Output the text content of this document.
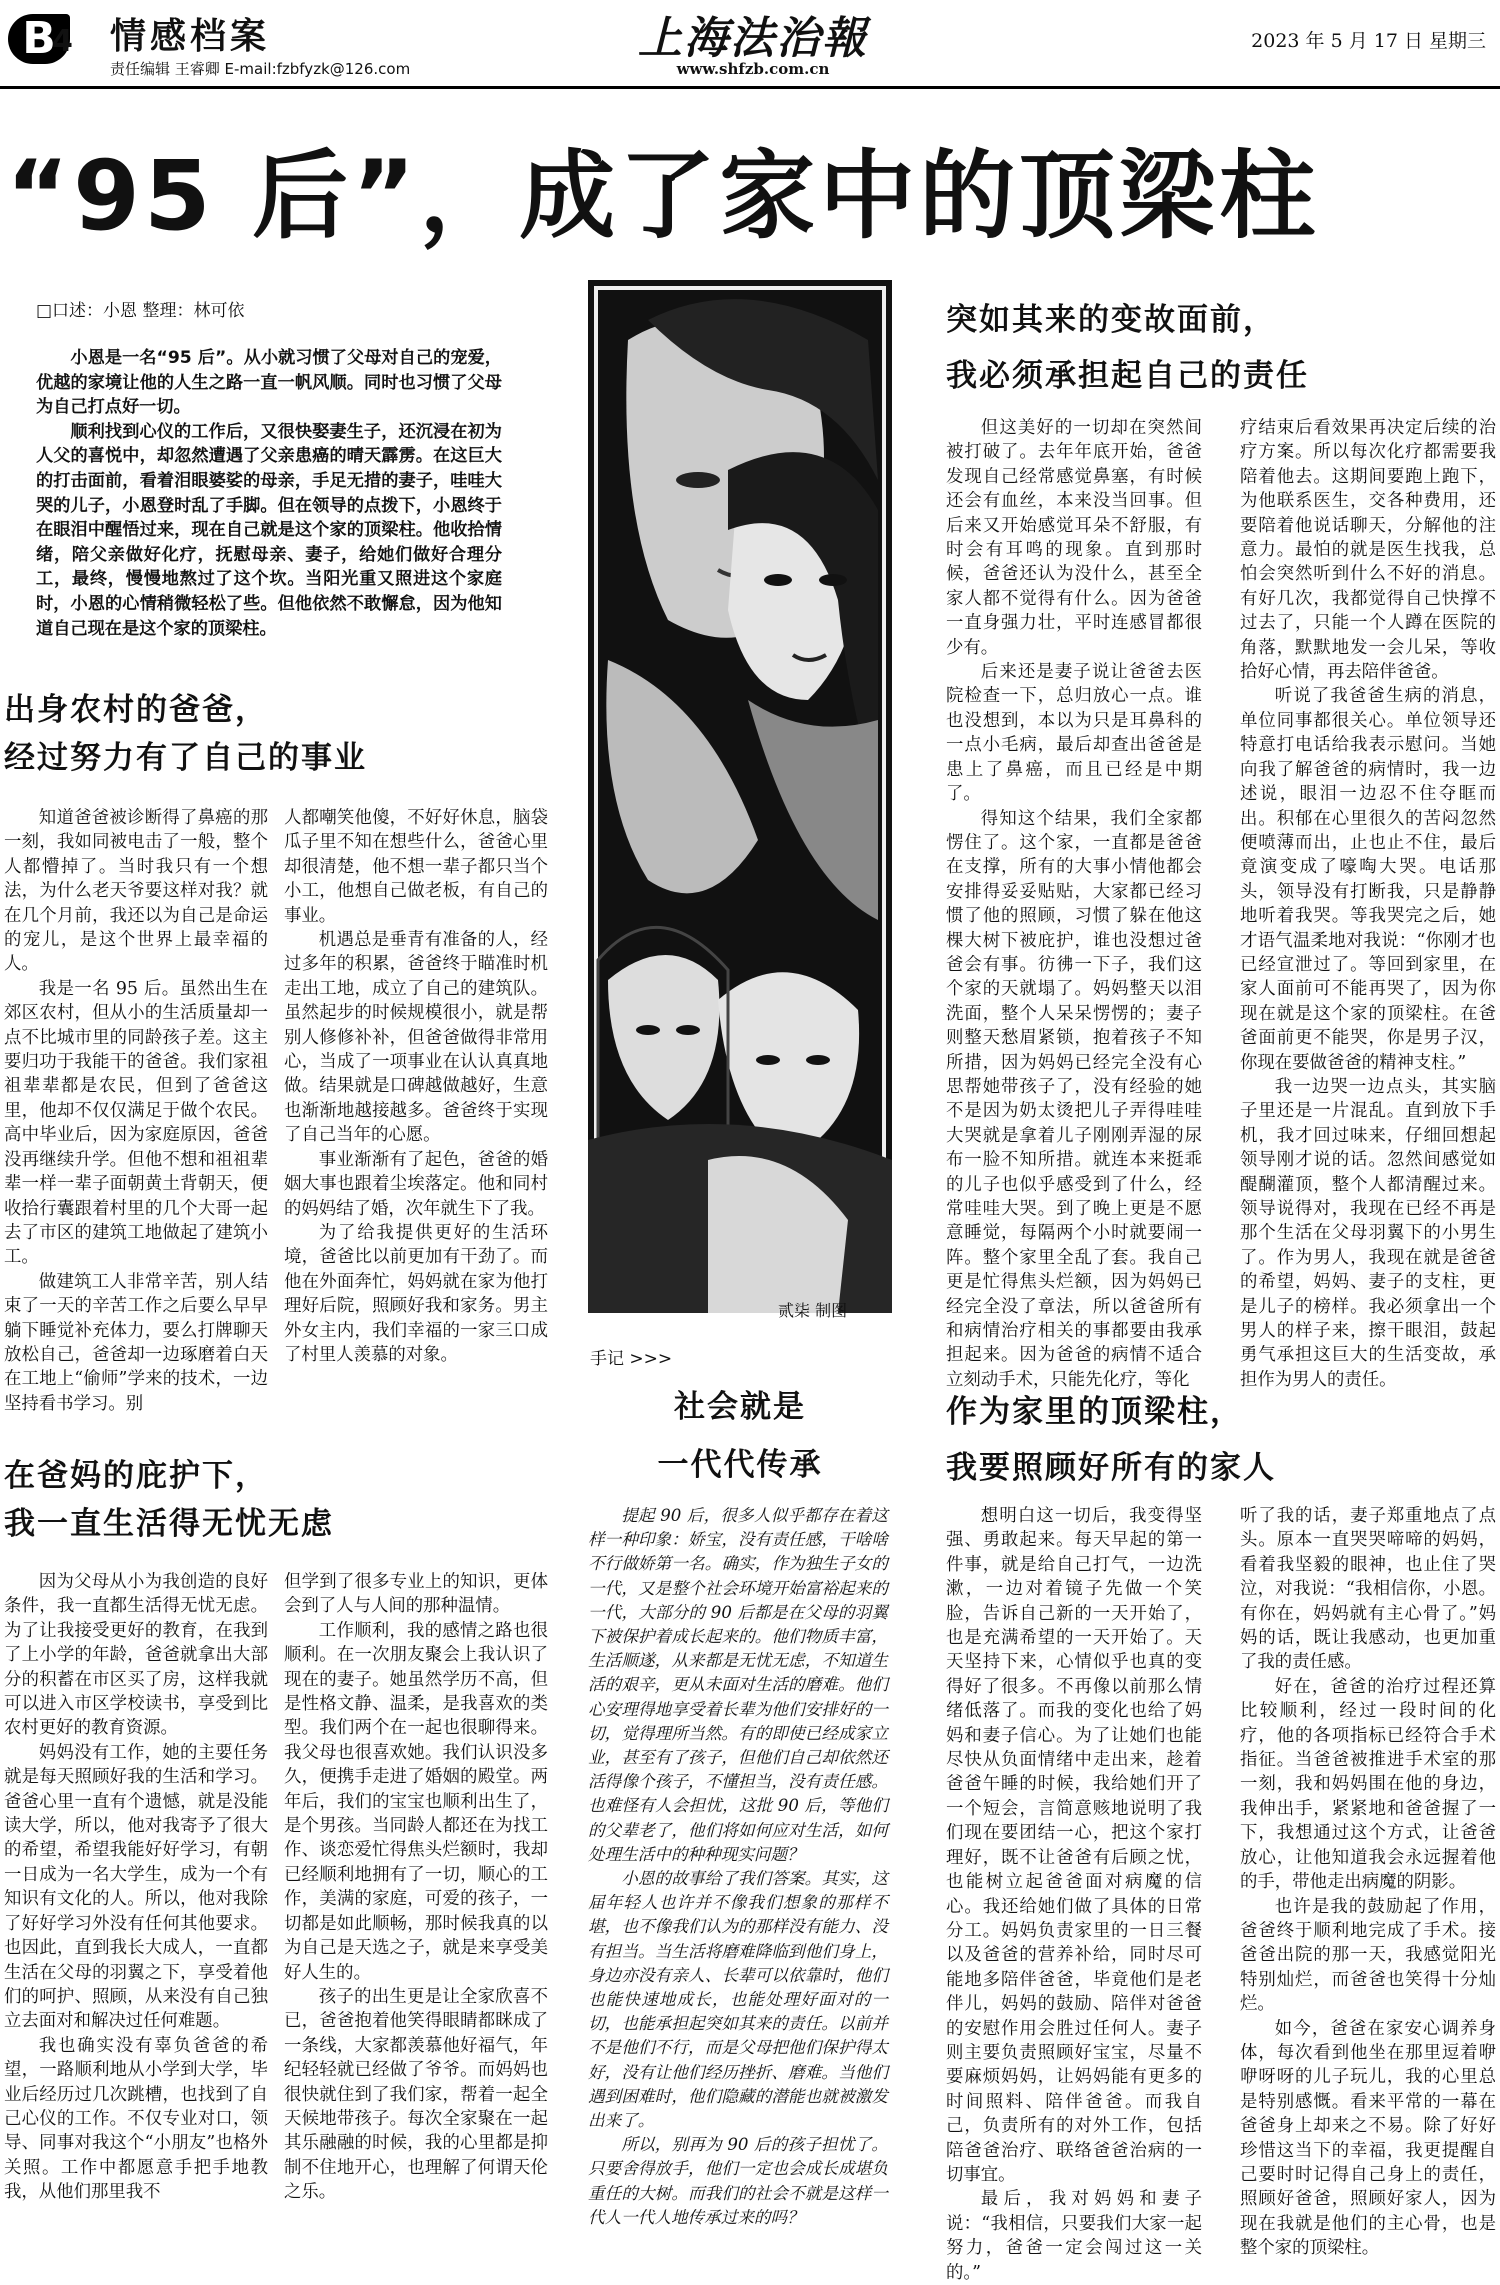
B
4 情感档案
责任编辑 王睿卿 E-mail:fzbfyzk@126.com
上海法治報
www.shfzb.com.cn
2023 年 5 月 17 日 星期三
“95 后”，成了家中的顶梁柱
□口述：小恩 整理：林可依

小恩是一名“95 后”。从小就习惯了父母对自己的宠爱，优越的家境让他的人生之路一直一帆风顺。同时也习惯了父母为自己打点好一切。

顺利找到心仪的工作后，又很快娶妻生子，还沉浸在初为人父的喜悦中，却忽然遭遇了父亲患癌的晴天霹雳。在这巨大的打击面前，看着泪眼婆娑的母亲，手足无措的妻子，哇哇大哭的儿子，小恩登时乱了手脚。但在领导的点拨下，小恩终于在眼泪中醒悟过来，现在自己就是这个家的顶梁柱。他收拾情绪，陪父亲做好化疗，抚慰母亲、妻子，给她们做好合理分工，最终，慢慢地熬过了这个坎。当阳光重又照进这个家庭时，小恩的心情稍微轻松了些。但他依然不敢懈怠，因为他知道自己现在是这个家的顶梁柱。

出身农村的爸爸，
经过努力有了自己的事业

知道爸爸被诊断得了鼻癌的那一刻，我如同被电击了一般，整个人都懵掉了。当时我只有一个想法，为什么老天爷要这样对我？就在几个月前，我还以为自己是命运的宠儿，是这个世界上最幸福的人。

我是一名 95 后。虽然出生在郊区农村，但从小的生活质量却一点不比城市里的同龄孩子差。这主要归功于我能干的爸爸。我们家祖祖辈辈都是农民，但到了爸爸这里，他却不仅仅满足于做个农民。高中毕业后，因为家庭原因，爸爸没再继续升学。但他不想和祖祖辈辈一样一辈子面朝黄土背朝天，便收拾行囊跟着村里的几个大哥一起去了市区的建筑工地做起了建筑小工。

做建筑工人非常辛苦，别人结束了一天的辛苦工作之后要么早早躺下睡觉补充体力，要么打牌聊天放松自己，爸爸却一边琢磨着白天在工地上“偷师”学来的技术，一边坚持看书学习。别

人都嘲笑他傻，不好好休息，脑袋瓜子里不知在想些什么，爸爸心里却很清楚，他不想一辈子都只当个小工，他想自己做老板，有自己的事业。

机遇总是垂青有准备的人，经过多年的积累，爸爸终于瞄准时机走出工地，成立了自己的建筑队。虽然起步的时候规模很小，就是帮别人修修补补，但爸爸做得非常用心，当成了一项事业在认认真真地做。结果就是口碑越做越好，生意也渐渐地越接越多。爸爸终于实现了自己当年的心愿。

事业渐渐有了起色，爸爸的婚姻大事也跟着尘埃落定。他和同村的妈妈结了婚，次年就生下了我。

为了给我提供更好的生活环境，爸爸比以前更加有干劲了。而他在外面奔忙，妈妈就在家为他打理好后院，照顾好我和家务。男主外女主内，我们幸福的一家三口成了村里人羡慕的对象。

在爸妈的庇护下，
我一直生活得无忧无虑

因为父母从小为我创造的良好条件，我一直都生活得无忧无虑。为了让我接受更好的教育，在我到了上小学的年龄，爸爸就拿出大部分的积蓄在市区买了房，这样我就可以进入市区学校读书，享受到比农村更好的教育资源。

妈妈没有工作，她的主要任务就是每天照顾好我的生活和学习。爸爸心里一直有个遗憾，就是没能读大学，所以，他对我寄予了很大的希望，希望我能好好学习，有朝一日成为一名大学生，成为一个有知识有文化的人。所以，他对我除了好好学习外没有任何其他要求。也因此，直到我长大成人，一直都生活在父母的羽翼之下，享受着他们的呵护、照顾，从来没有自己独立去面对和解决过任何难题。

我也确实没有辜负爸爸的希望，一路顺利地从小学到大学，毕业后经历过几次跳槽，也找到了自己心仪的工作。不仅专业对口，领导、同事对我这个“小朋友”也格外关照。工作中都愿意手把手地教我，从他们那里我不

但学到了很多专业上的知识，更体会到了人与人间的那种温情。

工作顺利，我的感情之路也很顺利。在一次朋友聚会上我认识了现在的妻子。她虽然学历不高，但是性格文静、温柔，是我喜欢的类型。我们两个在一起也很聊得来。我父母也很喜欢她。我们认识没多久，便携手走进了婚姻的殿堂。两年后，我们的宝宝也顺利出生了，是个男孩。当同龄人都还在为找工作、谈恋爱忙得焦头烂额时，我却已经顺利地拥有了一切，顺心的工作，美满的家庭，可爱的孩子，一切都是如此顺畅，那时候我真的以为自己是天选之子，就是来享受美好人生的。

孩子的出生更是让全家欣喜不已，爸爸抱着他笑得眼睛都眯成了一条线，大家都羡慕他好福气，年纪轻轻就已经做了爷爷。而妈妈也很快就住到了我们家，帮着一起全天候地带孩子。每次全家聚在一起其乐融融的时候，我的心里都是抑制不住地开心，也理解了何谓天伦之乐。

贰柒 制图
手记 >>>
社会就是
一代代传承

提起 90 后，很多人似乎都存在着这样一种印象：娇宝，没有责任感，干啥啥不行做娇第一名。确实，作为独生子女的一代，又是整个社会环境开始富裕起来的一代，大部分的 90 后都是在父母的羽翼下被保护着成长起来的。他们物质丰富，生活顺遂，从来都是无忧无虑，不知道生活的艰辛，更从未面对生活的磨难。他们心安理得地享受着长辈为他们安排好的一切，觉得理所当然。有的即使已经成家立业，甚至有了孩子，但他们自己却依然还活得像个孩子，不懂担当，没有责任感。也难怪有人会担忧，这批 90 后，等他们的父辈老了，他们将如何应对生活，如何处理生活中的种种现实问题？

小恩的故事给了我们答案。其实，这届年轻人也许并不像我们想象的那样不堪，也不像我们认为的那样没有能力、没有担当。当生活将磨难降临到他们身上，身边亦没有亲人、长辈可以依靠时，他们也能快速地成长，也能处理好面对的一切，也能承担起突如其来的责任。以前并不是他们不行，而是父母把他们保护得太好，没有让他们经历挫折、磨难。当他们遇到困难时，他们隐藏的潜能也就被激发出来了。

所以，别再为 90 后的孩子担忧了。只要舍得放手，他们一定也会成长成堪负重任的大树。而我们的社会不就是这样一代人一代人地传承过来的吗？

突如其来的变故面前，
我必须承担起自己的责任

但这美好的一切却在突然间被打破了。去年年底开始，爸爸发现自己经常感觉鼻塞，有时候还会有血丝，本来没当回事。但后来又开始感觉耳朵不舒服，有时会有耳鸣的现象。直到那时候，爸爸还认为没什么，甚至全家人都不觉得有什么。因为爸爸一直身强力壮，平时连感冒都很少有。

后来还是妻子说让爸爸去医院检查一下，总归放心一点。谁也没想到，本以为只是耳鼻科的一点小毛病，最后却查出爸爸是患上了鼻癌，而且已经是中期了。

得知这个结果，我们全家都愣住了。这个家，一直都是爸爸在支撑，所有的大事小情他都会安排得妥妥贴贴，大家都已经习惯了他的照顾，习惯了躲在他这棵大树下被庇护，谁也没想过爸爸会有事。彷彿一下子，我们这个家的天就塌了。妈妈整天以泪洗面，整个人呆呆愣愣的；妻子则整天愁眉紧锁，抱着孩子不知所措，因为妈妈已经完全没有心思帮她带孩子了，没有经验的她不是因为奶太烫把儿子弄得哇哇大哭就是拿着儿子刚刚弄湿的尿布一脸不知所措。就连本来挺乖的儿子也似乎感受到了什么，经常哇哇大哭。到了晚上更是不愿意睡觉，每隔两个小时就要闹一阵。整个家里全乱了套。我自己更是忙得焦头烂额，因为妈妈已经完全没了章法，所以爸爸所有和病情治疗相关的事都要由我承担起来。因为爸爸的病情不适合立刻动手术，只能先化疗，等化

疗结束后看效果再决定后续的治疗方案。所以每次化疗都需要我陪着他去。这期间要跑上跑下，为他联系医生，交各种费用，还要陪着他说话聊天，分解他的注意力。最怕的就是医生找我，总怕会突然听到什么不好的消息。有好几次，我都觉得自己快撑不过去了，只能一个人蹲在医院的角落，默默地发一会儿呆，等收拾好心情，再去陪伴爸爸。

听说了我爸爸生病的消息，单位同事都很关心。单位领导还特意打电话给我表示慰问。当她向我了解爸爸的病情时，我一边述说，眼泪一边忍不住夺眶而出。积郁在心里很久的苦闷忽然便喷薄而出，止也止不住，最后竟演变成了嚎啕大哭。电话那头，领导没有打断我，只是静静地听着我哭。等我哭完之后，她才语气温柔地对我说：“你刚才也已经宣泄过了。等回到家里，在家人面前可不能再哭了，因为你现在就是这个家的顶梁柱。在爸爸面前更不能哭，你是男子汉，你现在要做爸爸的精神支柱。”

我一边哭一边点头，其实脑子里还是一片混乱。直到放下手机，我才回过味来，仔细回想起领导刚才说的话。忽然间感觉如醍醐灌顶，整个人都清醒过来。领导说得对，我现在已经不再是那个生活在父母羽翼下的小男生了。作为男人，我现在就是爸爸的希望，妈妈、妻子的支柱，更是儿子的榜样。我必须拿出一个男人的样子来，擦干眼泪，鼓起勇气承担这巨大的生活变故，承担作为男人的责任。

作为家里的顶梁柱，
我要照顾好所有的家人

想明白这一切后，我变得坚强、勇敢起来。每天早起的第一件事，就是给自己打气，一边洗漱，一边对着镜子先做一个笑脸，告诉自己新的一天开始了，也是充满希望的一天开始了。天天坚持下来，心情似乎也真的变得好了很多。不再像以前那么情绪低落了。而我的变化也给了妈妈和妻子信心。为了让她们也能尽快从负面情绪中走出来，趁着爸爸午睡的时候，我给她们开了一个短会，言简意赅地说明了我们现在要团结一心，把这个家打理好，既不让爸爸有后顾之忧，也能树立起爸爸面对病魔的信心。我还给她们做了具体的日常分工。妈妈负责家里的一日三餐以及爸爸的营养补给，同时尽可能地多陪伴爸爸，毕竟他们是老伴儿，妈妈的鼓励、陪伴对爸爸的安慰作用会胜过任何人。妻子则主要负责照顾好宝宝，尽量不要麻烦妈妈，让妈妈能有更多的时间照料、陪伴爸爸。而我自己，负责所有的对外工作，包括陪爸爸治疗、联络爸爸治病的一切事宜。

最后，我对妈妈和妻子说：“我相信，只要我们大家一起努力，爸爸一定会闯过这一关的。”

听了我的话，妻子郑重地点了点头。原本一直哭哭啼啼的妈妈，看着我坚毅的眼神，也止住了哭泣，对我说：“我相信你，小恩。有你在，妈妈就有主心骨了。”妈妈的话，既让我感动，也更加重了我的责任感。

好在，爸爸的治疗过程还算比较顺利，经过一段时间的化疗，他的各项指标已经符合手术指征。当爸爸被推进手术室的那一刻，我和妈妈围在他的身边，我伸出手，紧紧地和爸爸握了一下，我想通过这个方式，让爸爸放心，让他知道我会永远握着他的手，带他走出病魔的阴影。

也许是我的鼓励起了作用，爸爸终于顺利地完成了手术。接爸爸出院的那一天，我感觉阳光特别灿烂，而爸爸也笑得十分灿烂。

如今，爸爸在家安心调养身体，每次看到他坐在那里逗着咿咿呀呀的儿子玩儿，我的心里总是特别感慨。看来平常的一幕在爸爸身上却来之不易。除了好好珍惜这当下的幸福，我更提醒自己要时时记得自己身上的责任，照顾好爸爸，照顾好家人，因为现在我就是他们的主心骨，也是整个家的顶梁柱。
